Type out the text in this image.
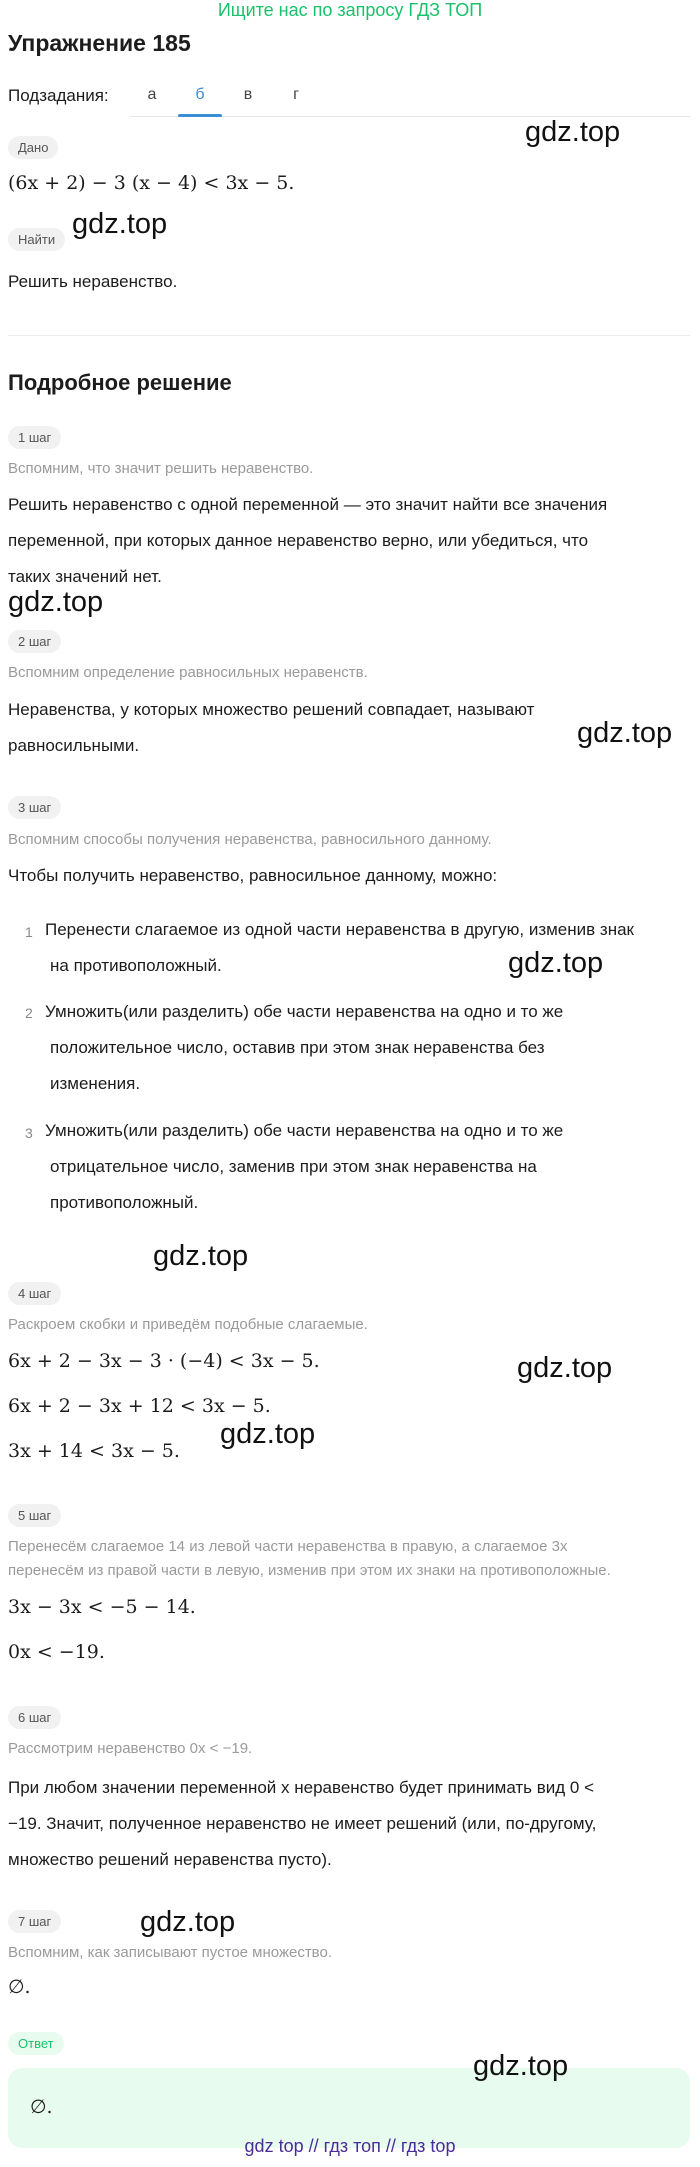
Ищите нас по запросу ГДЗ ТОП
Упражнение 185
Подзадания:	а	б	в	г
Дано
(6x + 2) − 3 (x − 4) < 3x − 5.
Найти
Решить неравенство.
Подробное решение
1 шаг
Вспомним, что значит решить неравенство.
Решить неравенство с одной переменной — это значит найти все значения
переменной, при которых данное неравенство верно, или убедиться, что
таких значений нет.
2 шаг
Вспомним определение равносильных неравенств.
Неравенства, у которых множество решений совпадает, называют
равносильными.
3 шаг
Вспомним способы получения неравенства, равносильного данному.
Чтобы получить неравенство, равносильное данному, можно:
1 Перенести слагаемое из одной части неравенства в другую, изменив знак
на противоположный.
2 Умножить(или разделить) обе части неравенства на одно и то же
положительное число, оставив при этом знак неравенства без
изменения.
3 Умножить(или разделить) обе части неравенства на одно и то же
отрицательное число, заменив при этом знак неравенства на
противоположный.
4 шаг
Раскроем скобки и приведём подобные слагаемые.
6x + 2 − 3x − 3 · (−4) < 3x − 5.
6x + 2 − 3x + 12 < 3x − 5.
3x + 14 < 3x − 5.
5 шаг
Перенесём слагаемое 14 из левой части неравенства в правую, а слагаемое 3x
перенесём из правой части в левую, изменив при этом их знаки на противоположные.
3x − 3x < −5 − 14.
0x < −19.
6 шаг
Рассмотрим неравенство 0x < −19.
При любом значении переменной x неравенство будет принимать вид 0 <
−19. Значит, полученное неравенство не имеет решений (или, по-другому,
множество решений неравенства пусто).
7 шаг
Вспомним, как записывают пустое множество.
∅.
Ответ
∅.
gdz top // гдз топ // гдз top
gdz.top
gdz.top
gdz.top
gdz.top
gdz.top
gdz.top
gdz.top
gdz.top
gdz.top
gdz.top
